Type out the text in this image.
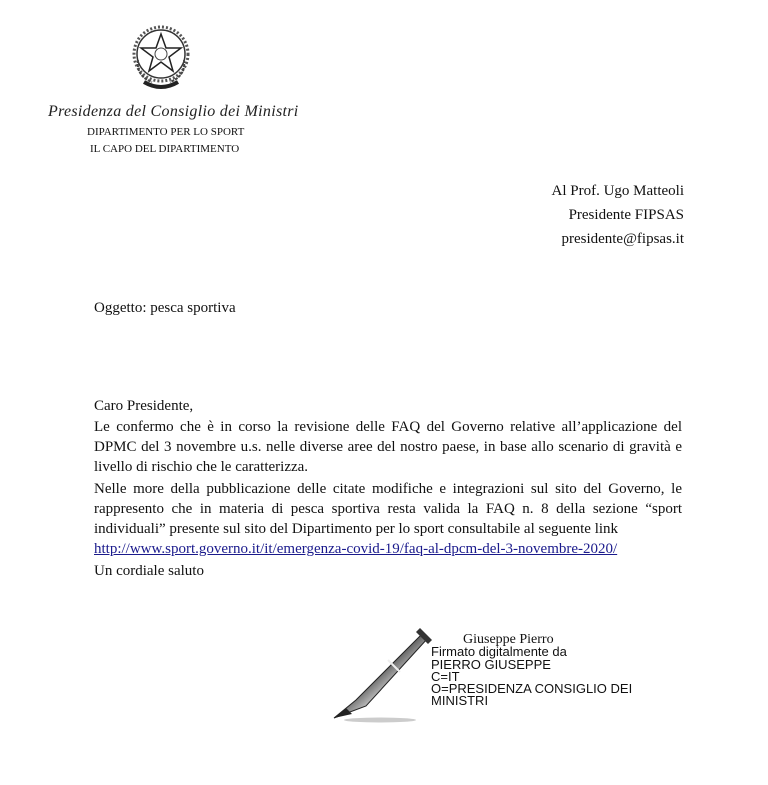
Presidenza del Consiglio dei Ministri
DIPARTIMENTO PER LO SPORT
IL CAPO DEL DIPARTIMENTO
Al Prof. Ugo Matteoli
Presidente FIPSAS
presidente@fipsas.it
Oggetto: pesca sportiva

Caro Presidente,

Le confermo che è in corso la revisione delle FAQ del Governo relative all’applicazione del DPMC del 3 novembre u.s. nelle diverse aree del nostro paese, in base allo scenario di gravità e livello di rischio che le caratterizza.

Nelle more della pubblicazione delle citate modifiche e integrazioni sul sito del Governo, le rappresento che in materia di pesca sportiva resta valida la FAQ n. 8 della sezione “sport individuali” presente sul sito del Dipartimento per lo sport consultabile al seguente link

http://www.sport.governo.it/it/emergenza-covid-19/faq-al-dpcm-del-3-novembre-2020/
Un cordiale saluto
Giuseppe Pierro
Firmato digitalmente da
PIERRO GIUSEPPE
C=IT
O=PRESIDENZA CONSIGLIO DEI
MINISTRI
